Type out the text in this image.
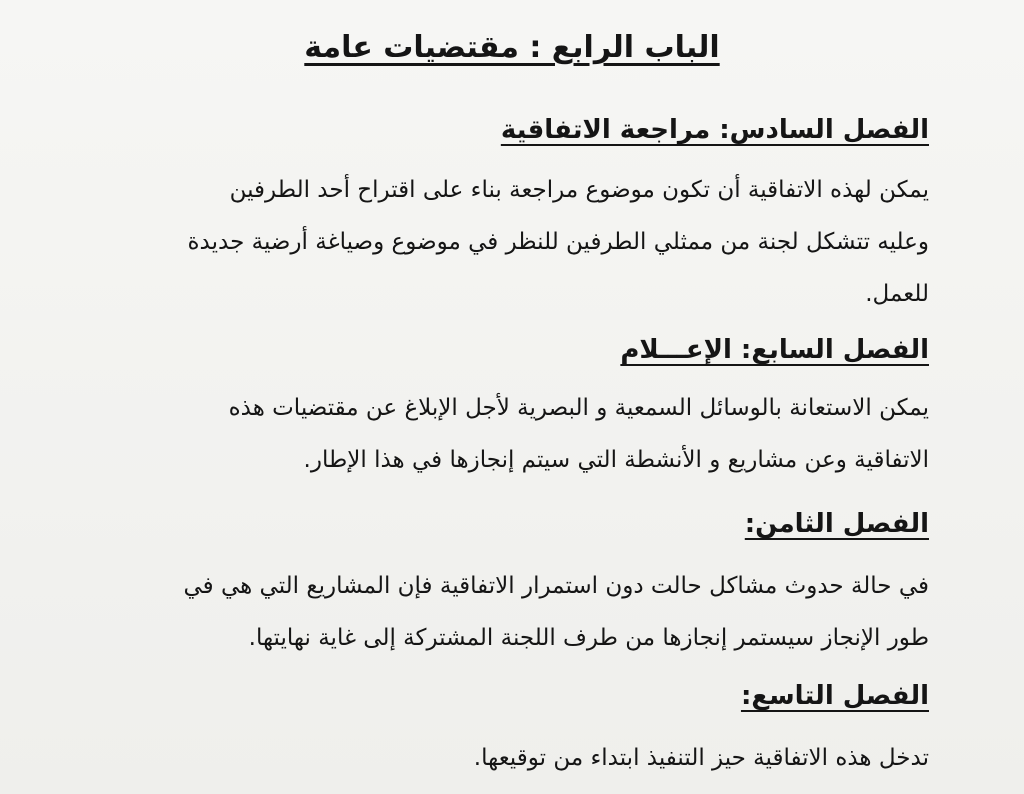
الباب الرابع : مقتضيات عامة
الفصل السادس: مراجعة الاتفاقية
يمكن لهذه الاتفاقية أن تكون موضوع مراجعة بناء على اقتراح أحد الطرفين
وعليه تتشكل لجنة من ممثلي الطرفين للنظر في موضوع وصياغة أرضية جديدة
للعمل.
الفصل السابع: الإعـــلام
يمكن الاستعانة بالوسائل السمعية و البصرية لأجل الإبلاغ عن مقتضيات هذه
الاتفاقية وعن مشاريع و الأنشطة التي سيتم إنجازها في هذا الإطار.
الفصل الثامن:
في حالة حدوث مشاكل حالت دون استمرار الاتفاقية فإن المشاريع التي هي في
طور الإنجاز سيستمر إنجازها من طرف اللجنة المشتركة إلى غاية نهايتها.
الفصل التاسع:
تدخل هذه الاتفاقية حيز التنفيذ ابتداء من توقيعها.
